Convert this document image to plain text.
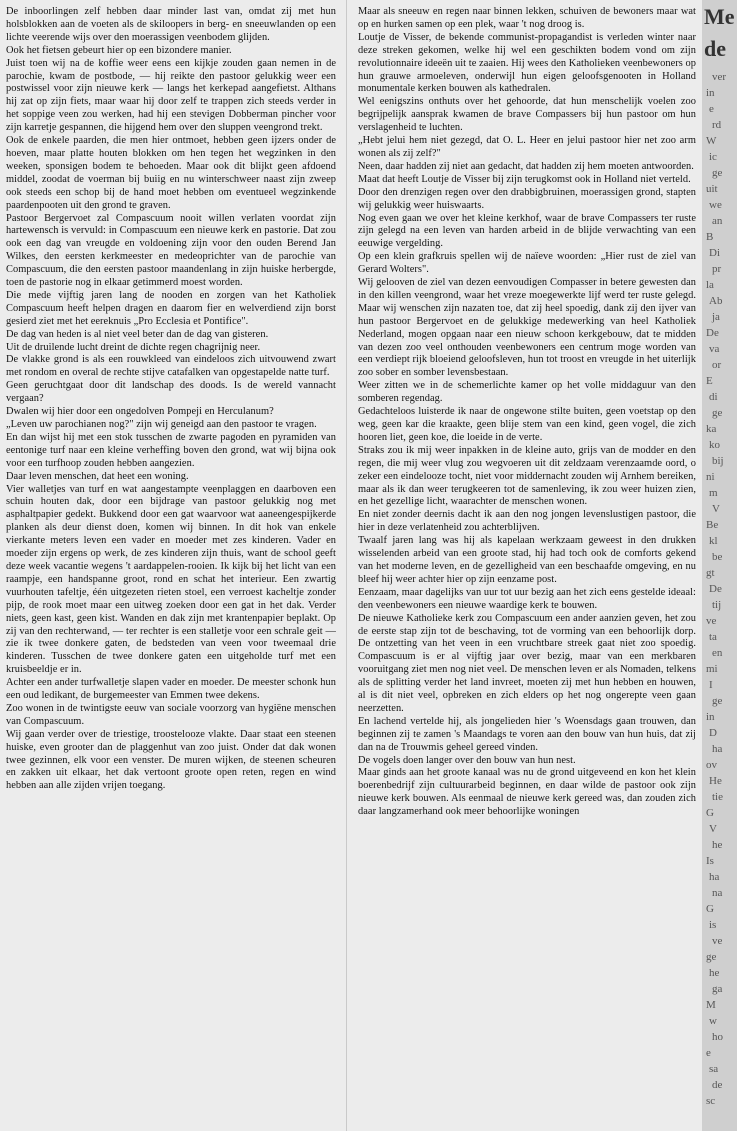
De inboorlingen zelf hebben daar minder last van, omdat zij met hun holsblokken aan de voeten als de skiloopers in berg- en sneeuwlanden op een lichte veerende wijs over den moerassigen veenbodem glijden.

Ook het fietsen gebeurt hier op een bizondere manier.

Juist toen wij na de koffie weer eens een kijkje zouden gaan nemen in de parochie, kwam de postbode, — hij reikte den pastoor gelukkig weer een postwissel voor zijn nieuwe kerk — langs het kerkepad aangefietst. Althans hij zat op zijn fiets, maar waar hij door zelf te trappen zich steeds verder in het soppige veen zou werken, had hij een stevigen Dobberman pincher voor zijn karretje gespannen, die hijgend hem over den sluppen veengrond trekt.

Ook de enkele paarden, die men hier ontmoet, hebben geen ijzers onder de hoeven, maar platte houten blokken om hen tegen het wegzinken in den weeken, sponsigen bodem te behoeden. Maar ook dit blijkt geen afdoend middel, zoodat de voerman bij buiig en nu winterschweer naast zijn zweep ook steeds een schop bij de hand moet hebben om eventueel wegzinkende paardenpooten uit den grond te graven.

Pastoor Bergervoet zal Compascuum nooit willen verlaten voordat zijn hartewensch is vervuld: in Compascuum een nieuwe kerk en pastorie. Dat zou ook een dag van vreugde en voldoening zijn voor den ouden Berend Jan Wilkes, den eersten kerkmeester en medeoprichter van de parochie van Compascuum, die den eersten pastoor maandenlang in zijn huiske herbergde, toen de pastorie nog in elkaar getimmerd moest worden.

Die mede vijftig jaren lang de nooden en zorgen van het Katholiek Compascuum heeft helpen dragen en daarom fier en welverdiend zijn borst gesierd ziet met het eereknuis „Pro Ecclesia et Pontifice".

De dag van heden is al niet veel beter dan de dag van gisteren.

Uit de druilende lucht dreint de dichte regen chagrijnig neer.

De vlakke grond is als een rouwkleed van eindeloos zich uitvouwend zwart met rondom en overal de rechte stijve catafalken van opgestapelde natte turf.

Geen geruchtgaat door dit landschap des doods. Is de wereld vannacht vergaan?

Dwalen wij hier door een ongedolven Pompeji en Herculanum?

„Leven uw parochianen nog?" zijn wij geneigd aan den pastoor te vragen.

En dan wijst hij met een stok tusschen de zwarte pagoden en pyramiden van eentonige turf naar een kleine verheffing boven den grond, wat wij bijna ook voor een turfhoop zouden hebben aangezien.

Daar leven menschen, dat heet een woning.

Vier walletjes van turf en wat aangestampte veenplaggen en daarboven een schuin houten dak, door een bijdrage van pastoor gelukkig nog met asphaltpapier gedekt. Bukkend door een gat waarvoor wat aaneengespijkerde planken als deur dienst doen, komen wij binnen. In dit hok van enkele vierkante meters leven een vader en moeder met zes kinderen. Vader en moeder zijn ergens op werk, de zes kinderen zijn thuis, want de school geeft deze week vacantie wegens 't aardappelen-rooien. Ik kijk bij het licht van een raampje, een handspanne groot, rond en schat het interieur. Een zwartig vuurhouten tafeltje, één uitgezeten rieten stoel, een verroest kacheltje zonder pijp, de rook moet maar een uitweg zoeken door een gat in het dak. Verder niets, geen kast, geen kist. Wanden en dak zijn met krantenpapier beplakt. Op zij van den rechterwand, — ter rechter is een stalletje voor een schrale geit — zie ik twee donkere gaten, de bedsteden van veen voor tweemaal drie kinderen. Tusschen de twee donkere gaten een uitgeholde turf met een kruisbeeldje er in.

Achter een ander turfwalletje slapen vader en moeder. De meester schonk hun een oud ledikant, de burgemeester van Emmen twee dekens.

Zoo wonen in de twintigste eeuw van sociale voorzorg van hygiëne menschen van Compascuum.

Wij gaan verder over de triestige, troostelooze vlakte. Daar staat een steenen huiske, even grooter dan de plaggenhut van zoo juist. Onder dat dak wonen twee gezinnen, elk voor een venster. De muren wijken, de steenen scheuren en zakken uit elkaar, het dak vertoont groote open reten, regen en wind hebben aan alle zijden vrijen toegang.

Maar als sneeuw en regen naar binnen lekken, schuiven de bewoners maar wat op en hurken samen op een plek, waar 't nog droog is.

Loutje de Visser, de bekende communist-propagandist is verleden winter naar deze streken gekomen, welke hij wel een geschikten bodem vond om zijn revolutionnaire ideeën uit te zaaien. Hij wees den Katholieken veenbewoners op hun grauwe armoeleven, onderwijl hun eigen geloofsgenooten in Holland monumentale kerken bouwen als kathedralen.

Wel eenigszins onthuts over het gehoorde, dat hun menschelijk voelen zoo begrijpelijk aansprak kwamen de brave Compassers bij hun pastoor om hun verslagenheid te luchten.

„Hebt jelui hem niet gezegd, dat O. L. Heer en jelui pastoor hier net zoo arm wonen als zij zelf?"

Neen, daar hadden zij niet aan gedacht, dat hadden zij hem moeten antwoorden.

Maat dat heeft Loutje de Visser bij zijn terugkomst ook in Holland niet verteld.

Door den drenzigen regen over den drabbigbruinen, moerassigen grond, stapten wij gelukkig weer huiswaarts.

Nog even gaan we over het kleine kerkhof, waar de brave Compassers ter ruste zijn gelegd na een leven van harden arbeid in de blijde verwachting van een eeuwige vergelding.

Op een klein grafkruis spellen wij de naïeve woorden: „Hier rust de ziel van Gerard Wolters".

Wij gelooven de ziel van dezen eenvoudigen Compasser in betere gewesten dan in den killen veengrond, waar het vreze moegewerkte lijf werd ter ruste gelegd. Maar wij wenschen zijn nazaten toe, dat zij heel spoedig, dank zij den ijver van hun pastoor Bergervoet en de gelukkige medewerking van heel Katholiek Nederland, mogen opgaan naar een nieuw schoon kerkgebouw, dat te midden van dezen zoo veel onthouden veenbewoners een centrum moge worden van een verdiept rijk bloeiend geloofsleven, hun tot troost en vreugde in het uiterlijk zoo sober en somber levensbestaan.

Weer zitten we in de schemerlichte kamer op het volle middaguur van den somberen regendag.

Gedachteloos luisterde ik naar de ongewone stilte buiten, geen voetstap op den weg, geen kar die kraakte, geen blije stem van een kind, geen vogel, die zich hooren liet, geen koe, die loeide in de verte.

Straks zou ik mij weer inpakken in de kleine auto, grijs van de modder en den regen, die mij weer vlug zou wegvoeren uit dit zeldzaam verenzaamde oord, o zeker een eindelooze tocht, niet voor middernacht zouden wij Arnhem bereiken, maar als ik dan weer terugkeeren tot de samenleving, ik zou weer huizen zien, en het gezellige licht, waarachter de menschen wonen.

En niet zonder deernis dacht ik aan den nog jongen levenslustigen pastoor, die hier in deze verlatenheid zou achterblijven.

Twaalf jaren lang was hij als kapelaan werkzaam geweest in den drukken wisselenden arbeid van een groote stad, hij had toch ook de comforts gekend van het moderne leven, en de gezelligheid van een beschaafde omgeving, en nu bleef hij weer achter hier op zijn eenzame post.

Eenzaam, maar dagelijks van uur tot uur bezig aan het zich eens gestelde ideaal: den veenbewoners een nieuwe waardige kerk te bouwen.

De nieuwe Katholieke kerk zou Compascuum een ander aanzien geven, het zou de eerste stap zijn tot de beschaving, tot de vorming van een behoorlijk dorp. De ontzetting van het veen in een vruchtbare streek gaat niet zoo spoedig. Compascuum is er al vijftig jaar over bezig, maar van een merkbaren vooruitgang ziet men nog niet veel. De menschen leven er als Nomaden, telkens als de splitting verder het land invreet, moeten zij met hun hebben en houwen, al is dit niet veel, opbreken en zich elders op het nog ongerepte veen gaan neerzetten.

En lachend vertelde hij, als jongelieden hier 's Woensdags gaan trouwen, dan beginnen zij te zamen 's Maandags te voren aan den bouw van hun huis, dat zij dan na de Trouwmis geheel gereed vinden.

De vogels doen langer over den bouw van hun nest.

Maar ginds aan het groote kanaal was nu de grond uitgeveend en kon het klein boerenbedrijf zijn cultuurarbeid beginnen, en daar wilde de pastoor ook zijn nieuwe kerk bouwen. Als eenmaal de nieuwe kerk gereed was, dan zouden zich daar langzamerhand ook meer behoorlijke woningen

Me
de
ver
in
e
rd
W
ic
ge
uit
we
an
B
Di
pr
la
Ab
ja
De
va
or
E
di
ge
ka
ko
bij
ni
m
V
Be
kl
be
gt
De
tij
ve
ta
en
mi
I
ge
in
D
ha
ov
He
tie
G
V
he
Is
ha
na
G
is
ve
ge
he
ga
M
w
ho
e
sa
de
sc
